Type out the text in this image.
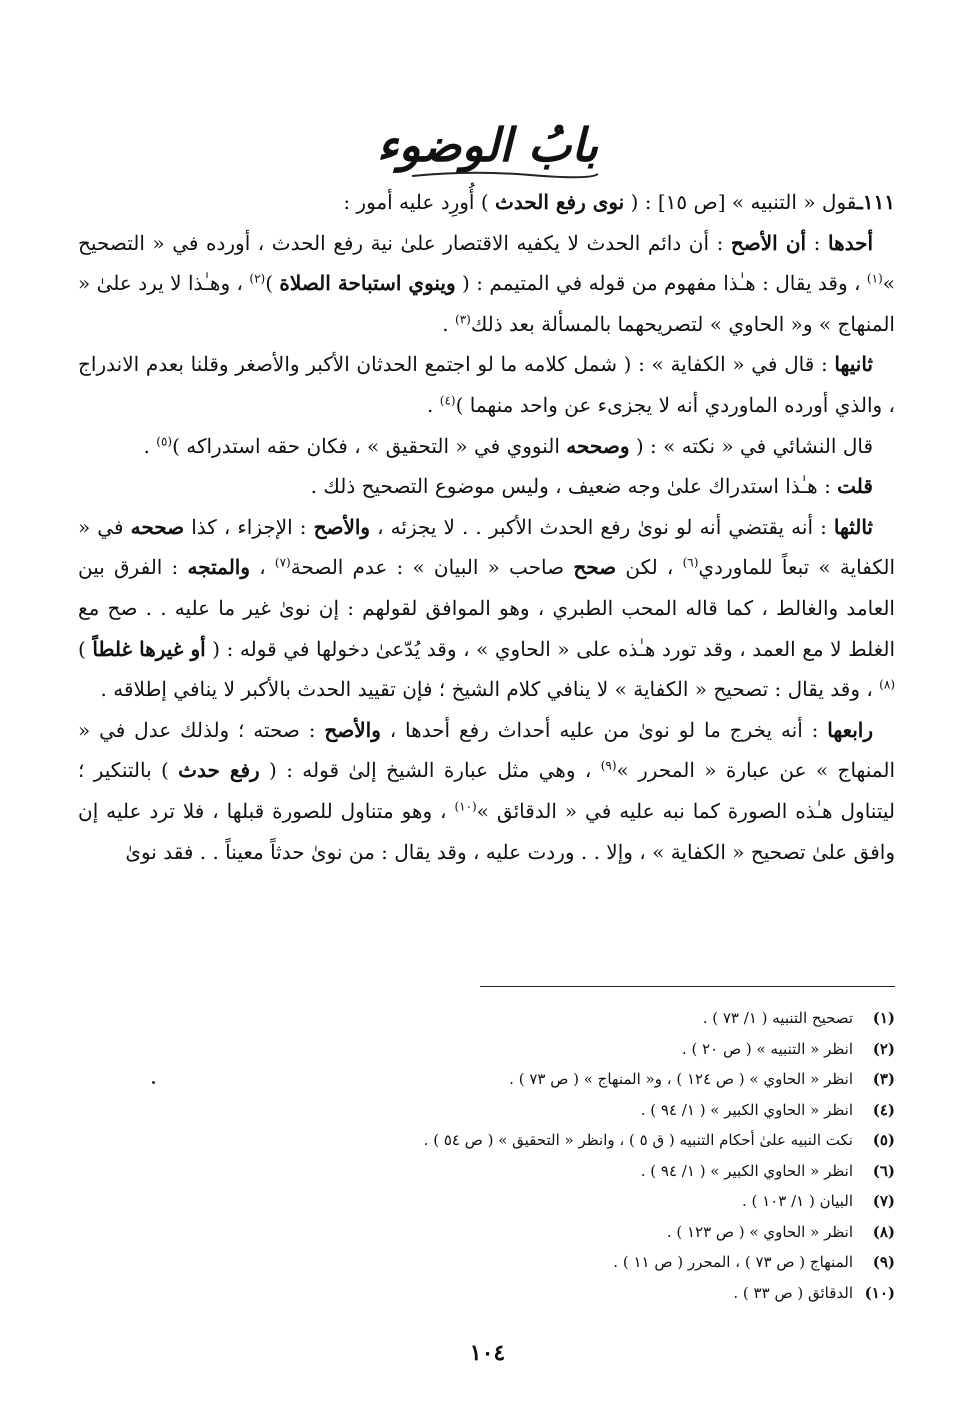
بابُ الوضوء

١١١ـقول « التنبيه » [ص ١٥] : ( نوى رفع الحدث ) أُورِد عليه أمور :

أحدها : أن الأصح : أن دائم الحدث لا يكفيه الاقتصار علىٰ نية رفع الحدث ، أورده في « التصحيح »$^{(١)}$ ، وقد يقال : هـٰذا مفهوم من قوله في المتيمم : ( وينوي استباحة الصلاة )$^{(٢)}$ ، وهـٰذا لا يرد علىٰ « المنهاج » و« الحاوي » لتصريحهما بالمسألة بعد ذلك$^{(٣)}$ .

ثانيها : قال في « الكفاية » : ( شمل كلامه ما لو اجتمع الحدثان الأكبر والأصغر وقلنا بعدم الاندراج ، والذي أورده الماوردي أنه لا يجزىء عن واحد منهما )$^{(٤)}$ .

قال النشائي في « نكته » : ( وصححه النووي في « التحقيق » ، فكان حقه استدراكه )$^{(٥)}$ .

قلت : هـٰذا استدراك علىٰ وجه ضعيف ، وليس موضوع التصحيح ذلك .

ثالثها : أنه يقتضي أنه لو نوىٰ رفع الحدث الأكبر . . لا يجزئه ، والأصح : الإجزاء ، كذا صححه في « الكفاية » تبعاً للماوردي$^{(٦)}$ ، لكن صحح صاحب « البيان » : عدم الصحة$^{(٧)}$ ، والمتجه : الفرق بين العامد والغالط ، كما قاله المحب الطبري ، وهو الموافق لقولهم : إن نوىٰ غير ما عليه . . صح مع الغلط لا مع العمد ، وقد تورد هـٰذه على « الحاوي » ، وقد يُدّعىٰ دخولها في قوله : ( أو غيرها غلطاً )$^{(٨)}$ ، وقد يقال : تصحيح « الكفاية » لا ينافي كلام الشيخ ؛ فإن تقييد الحدث بالأكبر لا ينافي إطلاقه .

رابعها : أنه يخرج ما لو نوىٰ من عليه أحداث رفع أحدها ، والأصح : صحته ؛ ولذلك عدل في « المنهاج » عن عبارة « المحرر »$^{(٩)}$ ، وهي مثل عبارة الشيخ إلىٰ قوله : ( رفع حدث ) بالتنكير ؛ ليتناول هـٰذه الصورة كما نبه عليه في « الدقائق »$^{(١٠)}$ ، وهو متناول للصورة قبلها ، فلا ترد عليه إن وافق علىٰ تصحيح « الكفاية » ، وإلا . . وردت عليه ، وقد يقال : من نوىٰ حدثاً معيناً . . فقد نوىٰ

(١)
تصحيح التنبيه ( ١/ ٧٣ ) .
(٢)
انظر « التنبيه » ( ص ٢٠ ) .
(٣)
انظر « الحاوي » ( ص ١٢٤ ) ، و« المنهاج » ( ص ٧٣ ) .
(٤)
انظر « الحاوي الكبير » ( ١/ ٩٤ ) .
(٥)
نكت النبيه علىٰ أحكام التنبيه ( ق ٥ ) ، وانظر « التحقيق » ( ص ٥٤ ) .
(٦)
انظر « الحاوي الكبير » ( ١/ ٩٤ ) .
(٧)
البيان ( ١/ ١٠٣ ) .
(٨)
انظر « الحاوي » ( ص ١٢٣ ) .
(٩)
المنهاج ( ص ٧٣ ) ، المحرر ( ص ١١ ) .
(١٠)
الدقائق ( ص ٣٣ ) .

١٠٤
